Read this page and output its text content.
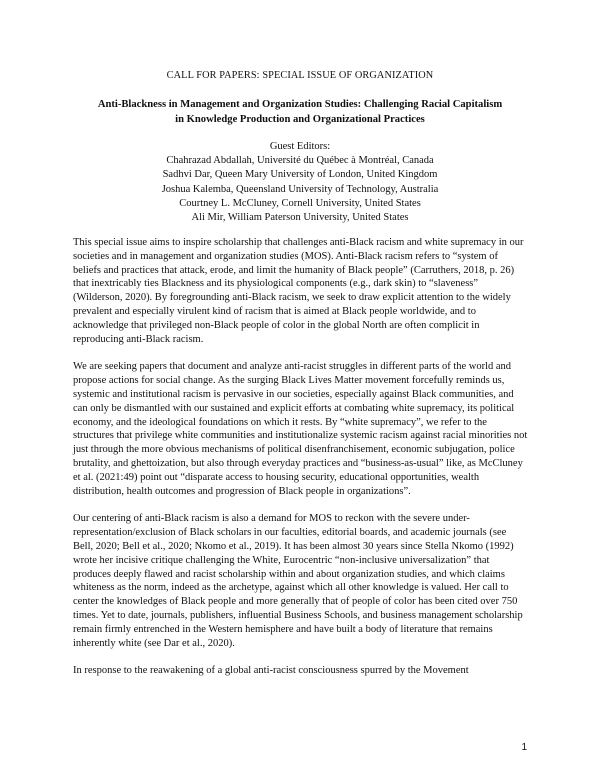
CALL FOR PAPERS: SPECIAL ISSUE OF ORGANIZATION
Anti-Blackness in Management and Organization Studies: Challenging Racial Capitalism
in Knowledge Production and Organizational Practices
Guest Editors:
Chahrazad Abdallah, Université du Québec à Montréal, Canada
Sadhvi Dar, Queen Mary University of London, United Kingdom
Joshua Kalemba, Queensland University of Technology, Australia
Courtney L. McCluney, Cornell University, United States
Ali Mir, William Paterson University, United States

This special issue aims to inspire scholarship that challenges anti-Black racism and white supremacy in our societies and in management and organization studies (MOS). Anti-Black racism refers to “system of beliefs and practices that attack, erode, and limit the humanity of Black people” (Carruthers, 2018, p. 26) that inextricably ties Blackness and its physiological components (e.g., dark skin) to “slaveness” (Wilderson, 2020). By foregrounding anti-Black racism, we seek to draw explicit attention to the widely prevalent and especially virulent kind of racism that is aimed at Black people worldwide, and to acknowledge that privileged non-Black people of color in the global North are often complicit in reproducing anti-Black racism.

We are seeking papers that document and analyze anti-racist struggles in different parts of the world and propose actions for social change. As the surging Black Lives Matter movement forcefully reminds us, systemic and institutional racism is pervasive in our societies, especially against Black communities, and can only be dismantled with our sustained and explicit efforts at combating white supremacy, its political economy, and the ideological foundations on which it rests. By “white supremacy”, we refer to the structures that privilege white communities and institutionalize systemic racism against racial minorities not just through the more obvious mechanisms of political disenfranchisement, economic subjugation, police brutality, and ghettoization, but also through everyday practices and “business-as-usual” like, as McCluney et al. (2021:49) point out “disparate access to housing security, educational opportunities, wealth distribution, health outcomes and progression of Black people in organizations”.

Our centering of anti-Black racism is also a demand for MOS to reckon with the severe under-representation/exclusion of Black scholars in our faculties, editorial boards, and academic journals (see Bell, 2020; Bell et al., 2020; Nkomo et al., 2019). It has been almost 30 years since Stella Nkomo (1992) wrote her incisive critique challenging the White, Eurocentric “non-inclusive universalization” that produces deeply flawed and racist scholarship within and about organization studies, and which claims whiteness as the norm, indeed as the archetype, against which all other knowledge is valued. Her call to center the knowledges of Black people and more generally that of people of color has been cited over 750 times. Yet to date, journals, publishers, influential Business Schools, and business management scholarship remain firmly entrenched in the Western hemisphere and have built a body of literature that remains inherently white (see Dar et al., 2020).

In response to the reawakening of a global anti-racist consciousness spurred by the Movement

1
